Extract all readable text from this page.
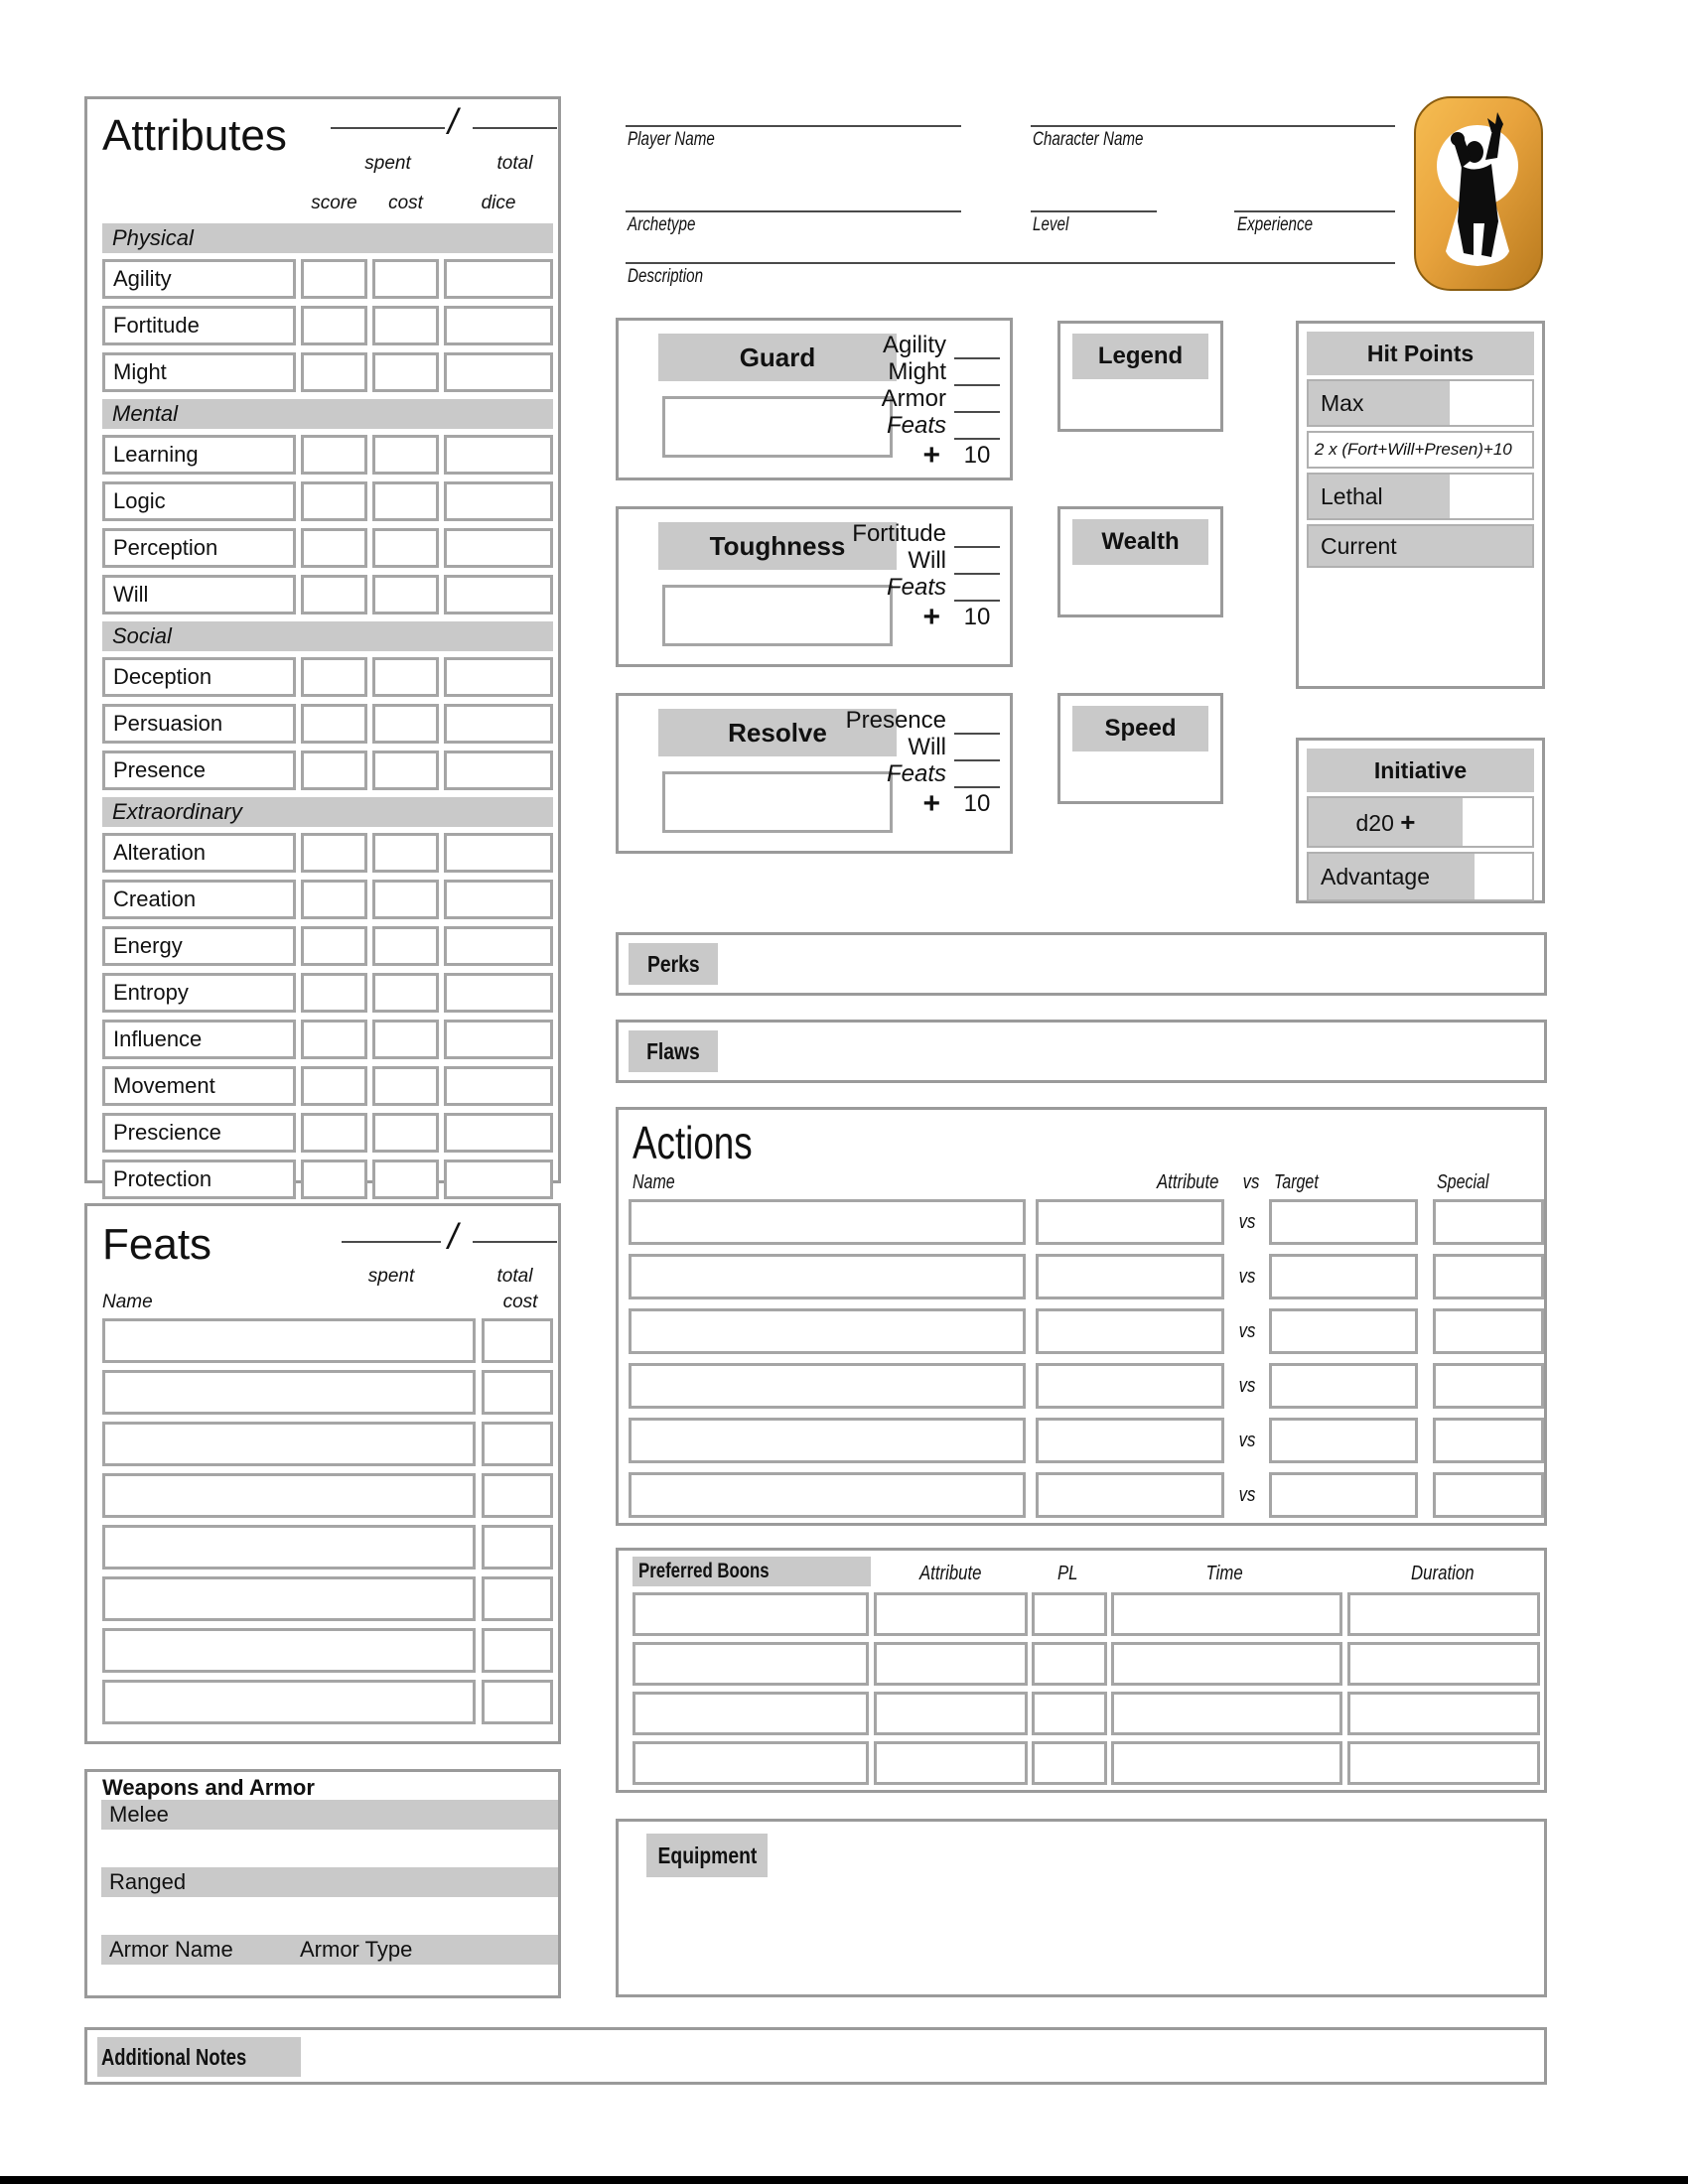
Attributes
spent
/
total
score	cost	dice
Physical
Agility
Fortitude
Might
Mental
Learning
Logic
Perception
Will
Social
Deception
Persuasion
Presence
Extraordinary
Alteration
Creation
Energy
Entropy
Influence
Movement
Prescience
Protection
Player Name	Character Name
Archetype	Level	Experience
Description
Guard	Agility
Might
Armor
Feats
+ 10
Toughness Fortitude
Will
Feats
+ 10
Resolve Presence
Will
Feats
+ 10
Legend
Wealth
Speed
Hit Points
Max
2 x (Fort+Will+Presen)+10
Lethal
Current
Initiative
d20 +
Advantage
Perks
Flaws
Actions
Name	Attribute	vs Target	Special
vs
vs
vs
vs
vs
vs
Preferred Boons	Attribute	PL	Time	Duration
Feats
spent
/
total
Name	cost
Weapons and Armor
Melee
Ranged
Armor Name	Armor Type
Equipment
Additional Notes
